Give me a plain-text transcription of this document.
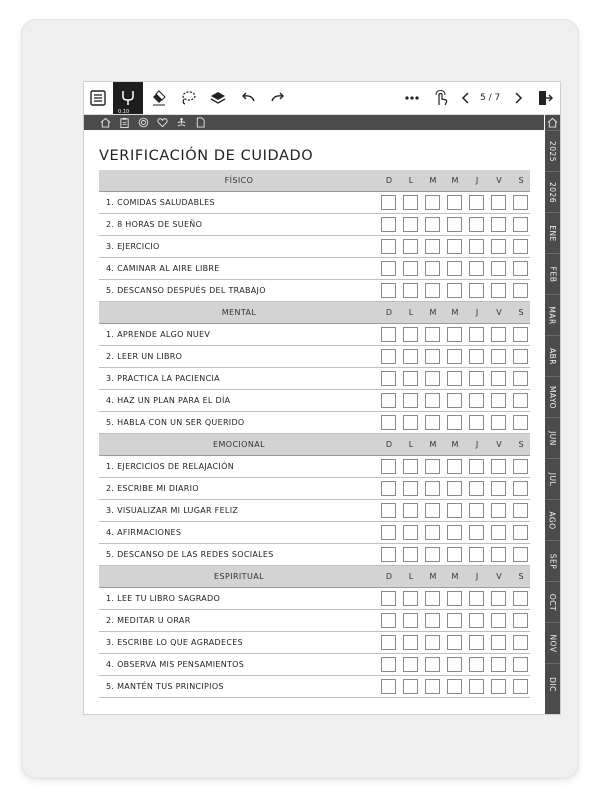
0.10
5 / 7
2025
2026
ENE
FEB
MAR
ABR
MAYO
JUN
JUL
AGO
SEP
OCT
NOV
DIC
VERIFICACIÓN DE CUIDADO
FÍSICO	D	L	M	M	J	V	S
1. COMIDAS SALUDABLES
2. 8 HORAS DE SUEÑO
3. EJERCICIO
4. CAMINAR AL AIRE LIBRE
5. DESCANSO DESPUÉS DEL TRABAJO
MENTAL	D	L	M	M	J	V	S
1. APRENDE ALGO NUEV
2. LEER UN LIBRO
3. PRACTICA LA PACIENCIA
4. HAZ UN PLAN PARA EL DÍA
5. HABLA CON UN SER QUERIDO
EMOCIONAL	D	L	M	M	J	V	S
1. EJERCICIOS DE RELAJACIÓN
2. ESCRIBE MI DIARIO
3. VISUALIZAR MI LUGAR FELIZ
4. AFIRMACIONES
5. DESCANSO DE LAS REDES SOCIALES
ESPIRITUAL	D	L	M	M	J	V	S
1. LEE TU LIBRO SAGRADO
2. MEDITAR U ORAR
3. ESCRIBE LO QUE AGRADECES
4. OBSERVA MIS PENSAMIENTOS
5. MANTÉN TUS PRINCIPIOS
